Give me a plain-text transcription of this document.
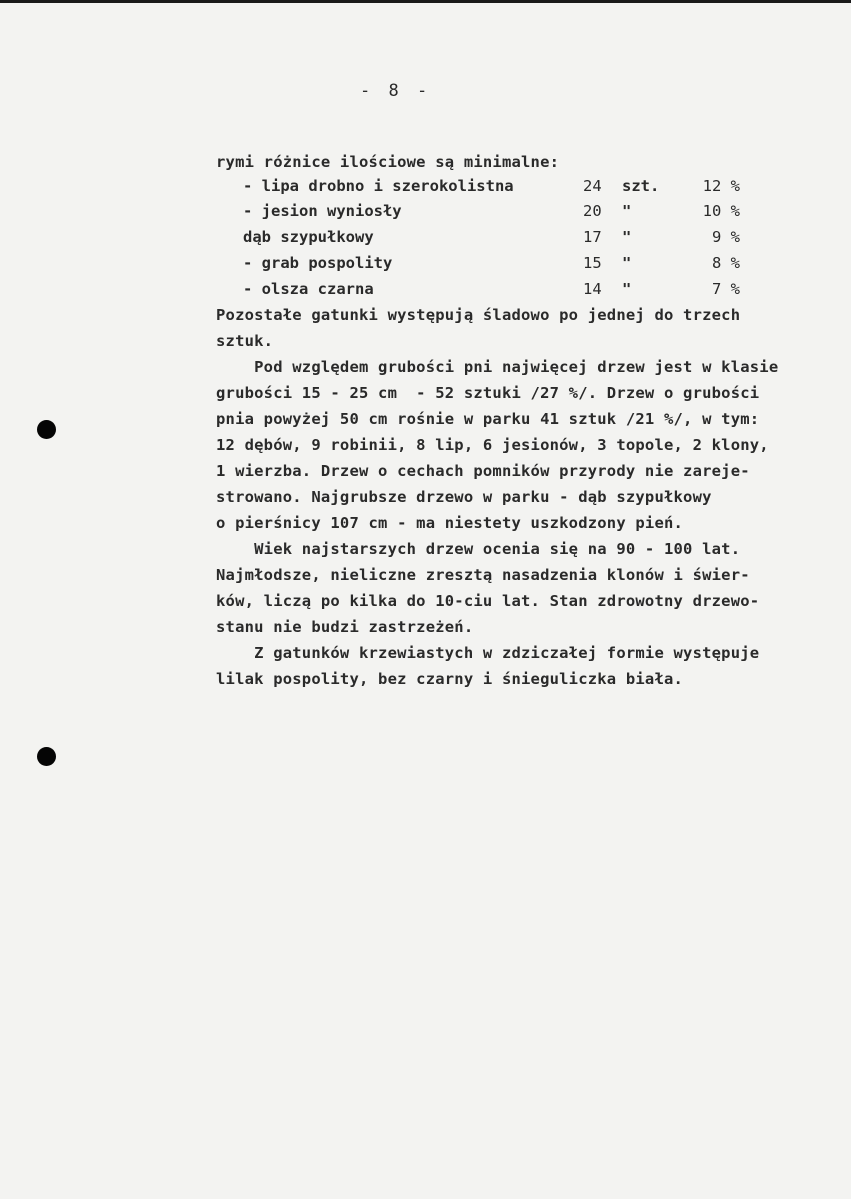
- 8 -
rymi różnice ilościowe są minimalne:
- lipa drobno i szerokolistna	24	szt.	12 %
- jesion wyniosły	20	"	10 %
dąb szypułkowy	17	"	9 %
- grab pospolity	15	"	8 %
- olsza czarna	14	"	7 %
Pozostałe gatunki występują śladowo po jednej do trzech
sztuk.
Pod względem grubości pni najwięcej drzew jest w klasie
grubości 15 - 25 cm  - 52 sztuki /27 %/. Drzew o grubości
pnia powyżej 50 cm rośnie w parku 41 sztuk /21 %/, w tym:
12 dębów, 9 robinii, 8 lip, 6 jesionów, 3 topole, 2 klony,
1 wierzba. Drzew o cechach pomników przyrody nie zareje-
strowano. Najgrubsze drzewo w parku - dąb szypułkowy
o pierśnicy 107 cm - ma niestety uszkodzony pień.
Wiek najstarszych drzew ocenia się na 90 - 100 lat.
Najmłodsze, nieliczne zresztą nasadzenia klonów i świer-
ków, liczą po kilka do 10-ciu lat. Stan zdrowotny drzewo-
stanu nie budzi zastrzeżeń.
Z gatunków krzewiastych w zdziczałej formie występuje
lilak pospolity, bez czarny i śnieguliczka biała.
